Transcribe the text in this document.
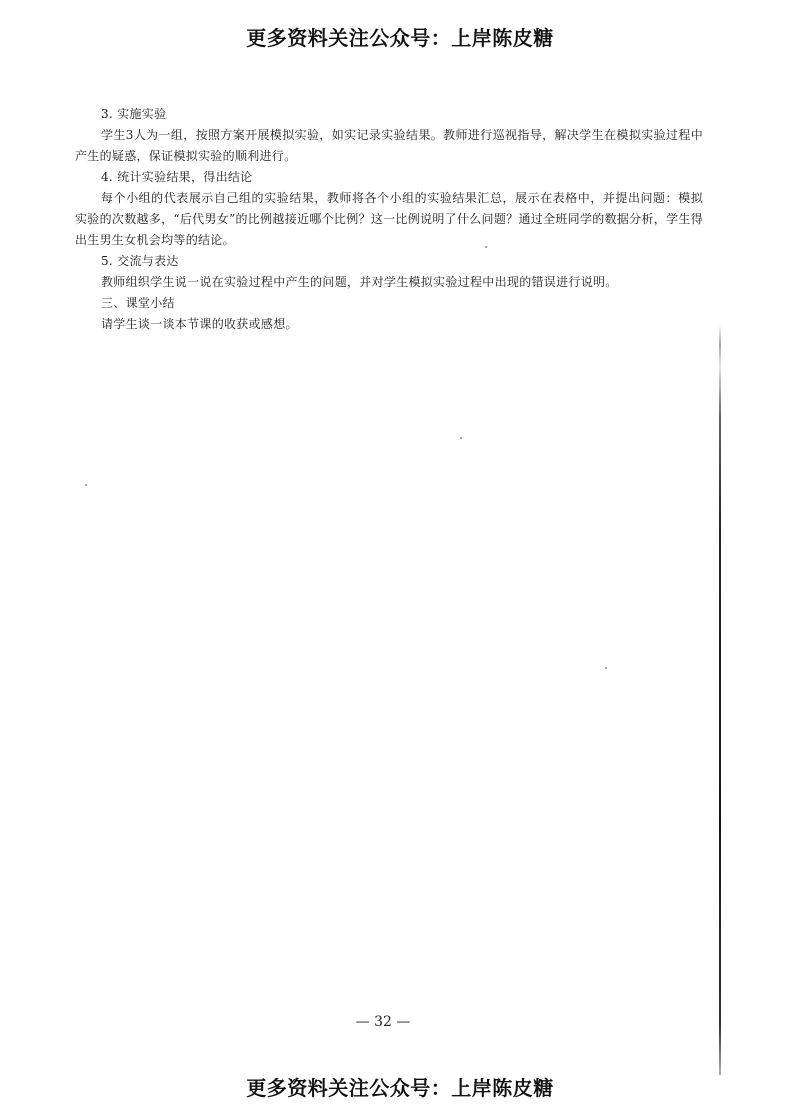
更多资料关注公众号：上岸陈皮糖

3. 实施实验

学生3人为一组，按照方案开展模拟实验，如实记录实验结果。教师进行巡视指导，解决学生在模拟实验过程中产生的疑惑，保证模拟实验的顺利进行。

4. 统计实验结果，得出结论

每个小组的代表展示自己组的实验结果，教师将各个小组的实验结果汇总，展示在表格中，并提出问题：模拟实验的次数越多，“后代男女”的比例越接近哪个比例？这一比例说明了什么问题？通过全班同学的数据分析，学生得出生男生女机会均等的结论。

5. 交流与表达

教师组织学生说一说在实验过程中产生的问题，并对学生模拟实验过程中出现的错误进行说明。

三、课堂小结

请学生谈一谈本节课的收获或感想。

— 32 —
更多资料关注公众号：上岸陈皮糖
